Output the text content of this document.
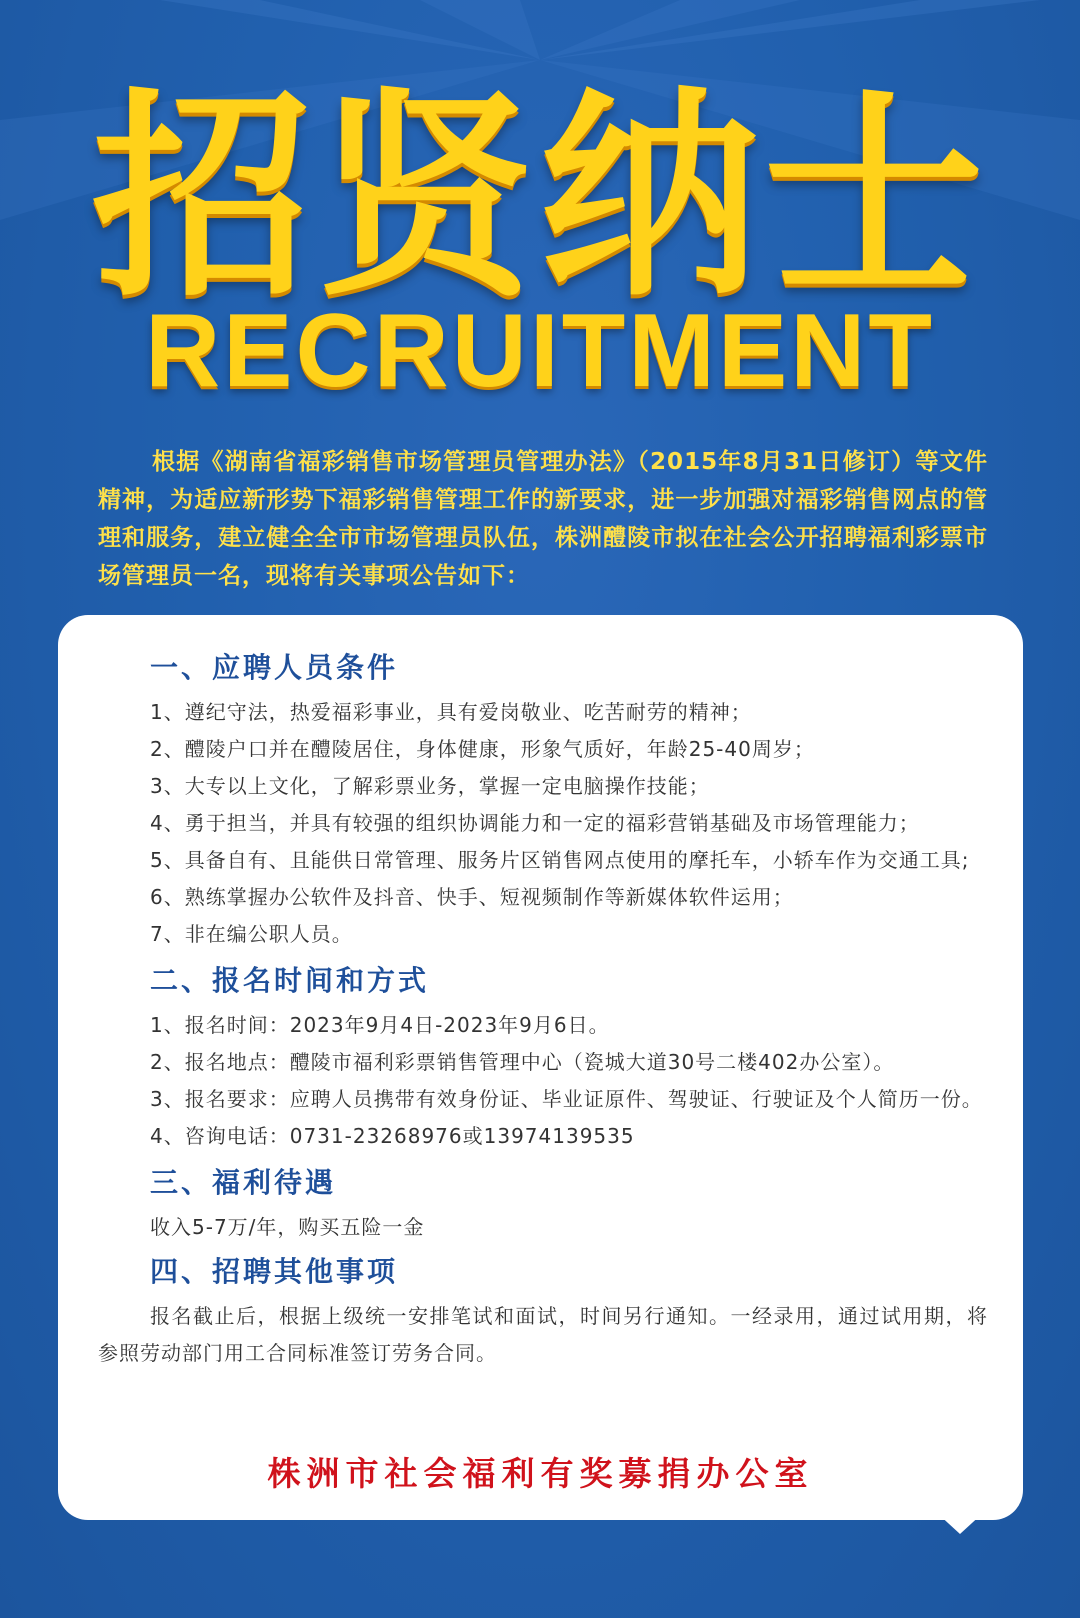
招贤纳士
RECRUITMENT

根据《湖南省福彩销售市场管理员管理办法》（2015年8月31日修订）等文件精神，为适应新形势下福彩销售管理工作的新要求，进一步加强对福彩销售网点的管理和服务，建立健全全市市场管理员队伍，株洲醴陵市拟在社会公开招聘福利彩票市场管理员一名，现将有关事项公告如下：

一、应聘人员条件

1、遵纪守法，热爱福彩事业，具有爱岗敬业、吃苦耐劳的精神；

2、醴陵户口并在醴陵居住，身体健康，形象气质好，年龄25-40周岁；

3、大专以上文化，了解彩票业务，掌握一定电脑操作技能；

4、勇于担当，并具有较强的组织协调能力和一定的福彩营销基础及市场管理能力；

5、具备自有、且能供日常管理、服务片区销售网点使用的摩托车，小轿车作为交通工具;

6、熟练掌握办公软件及抖音、快手、短视频制作等新媒体软件运用；

7、非在编公职人员。

二、报名时间和方式

1、报名时间：2023年9月4日-2023年9月6日。

2、报名地点：醴陵市福利彩票销售管理中心（瓷城大道30号二楼402办公室）。

3、报名要求：应聘人员携带有效身份证、毕业证原件、驾驶证、行驶证及个人简历一份。

4、咨询电话：0731-23268976或13974139535

三、福利待遇

收入5-7万/年，购买五险一金

四、招聘其他事项

报名截止后，根据上级统一安排笔试和面试，时间另行通知。一经录用，通过试用期，将参照劳动部门用工合同标准签订劳务合同。

株洲市社会福利有奖募捐办公室
